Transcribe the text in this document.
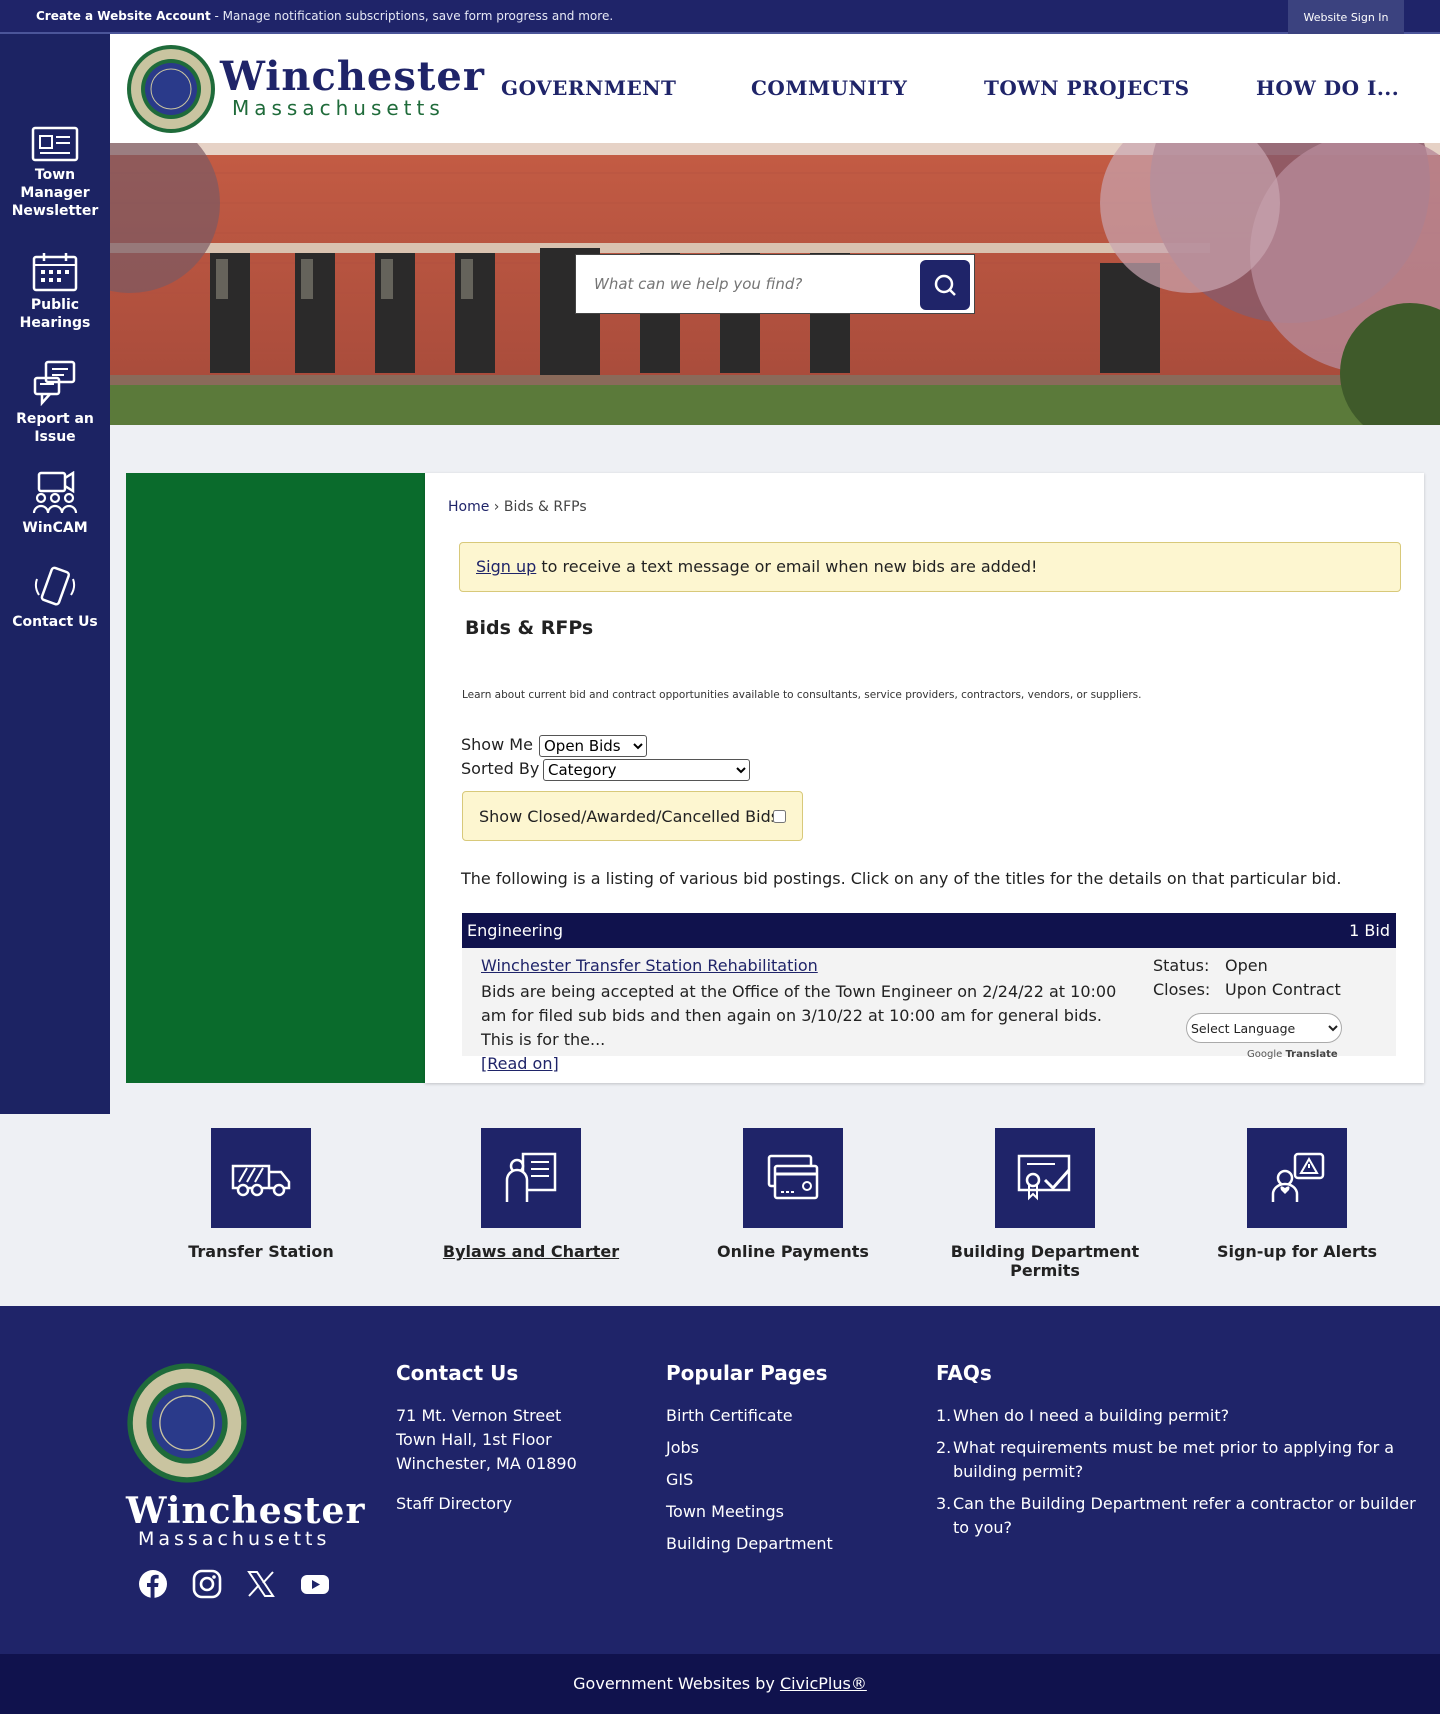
Create a Website Account - Manage notification subscriptions, save form progress and more.	Website Sign In
Town Manager Newsletter
Public Hearings
Report an Issue
WinCAM
Contact Us
Winchester
Massachusetts
GOVERNMENT	COMMUNITY	TOWN PROJECTS	HOW DO I...
What can we help you find?
Home › Bids & RFPs
Sign up to receive a text message or email when new bids are added!
Bids & RFPs
Learn about current bid and contract opportunities available to consultants, service providers, contractors, vendors, or suppliers.
Show Me
Open Bids
Sorted By
Category
Show Closed/Awarded/Cancelled Bids:
The following is a listing of various bid postings. Click on any of the titles for the details on that particular bid.
Engineering	1 Bid
Winchester Transfer Station Rehabilitation
Bids are being accepted at the Office of the Town Engineer on 2/24/22 at 10:00 am for filed sub bids and then again on 3/10/22 at 10:00 am for general bids. This is for the...
[Read on]
Status: Open
Closes: Upon Contract
Select Language
Google Translate
Transfer Station	Bylaws and Charter	Online Payments	Building Department Permits
Sign-up for Alerts
Winchester
Massachusetts
Contact Us
71 Mt. Vernon Street
Town Hall, 1st Floor
Winchester, MA 01890
Staff Directory
Popular Pages
Birth Certificate
Jobs
GIS
Town Meetings
Building Department
FAQs
1. When do I need a building permit?
2. What requirements must be met prior to applying for a building permit?
3. Can the Building Department refer a contractor or builder to you?
Government Websites by CivicPlus®
